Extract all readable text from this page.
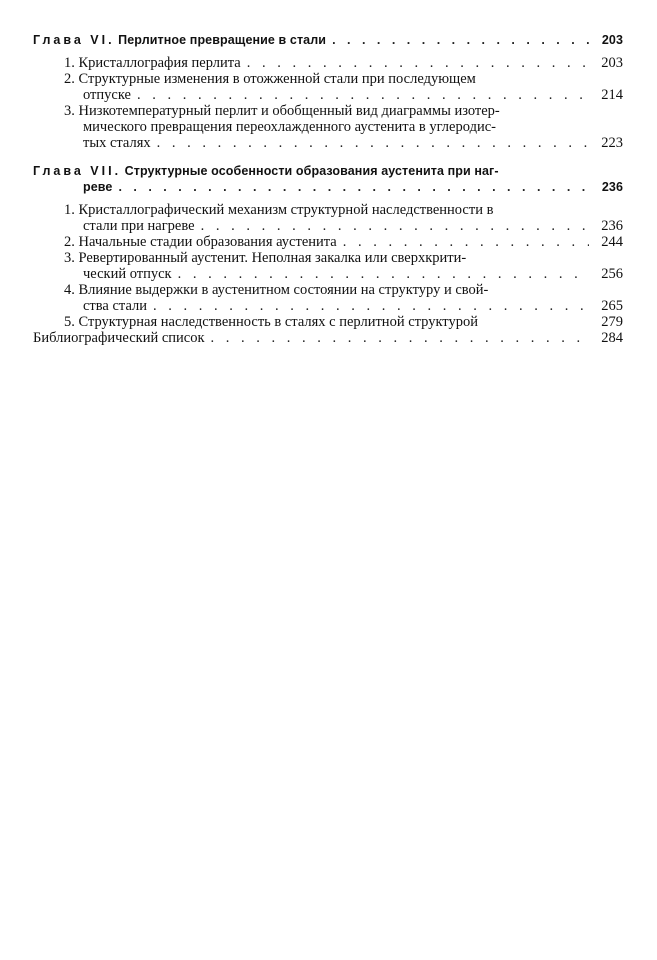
Глава VI. Перлитное превращение в стали . . .	203
1. Кристаллография перлита . . .	203
2. Структурные изменения в отожженной стали при последующем
отпуске . . .	214
3. Низкотемпературный перлит и обобщенный вид диаграммы изотер-
мического превращения переохлажденного аустенита в углеродис-
тых сталях . . .	223
Глава VII. Структурные особенности образования аустенита при наг-
реве . . .	236
1. Кристаллографический механизм структурной наследственности в
стали при нагреве . . .	236
2. Начальные стадии образования аустенита . . .	244
3. Ревертированный аустенит. Неполная закалка или сверхкрити-
ческий отпуск . . .	256
4. Влияние выдержки в аустенитном состоянии на структуру и свой-
ства стали . . .	265
5. Структурная наследственность в сталях с перлитной структурой	279
Библиографический список . . .	284
